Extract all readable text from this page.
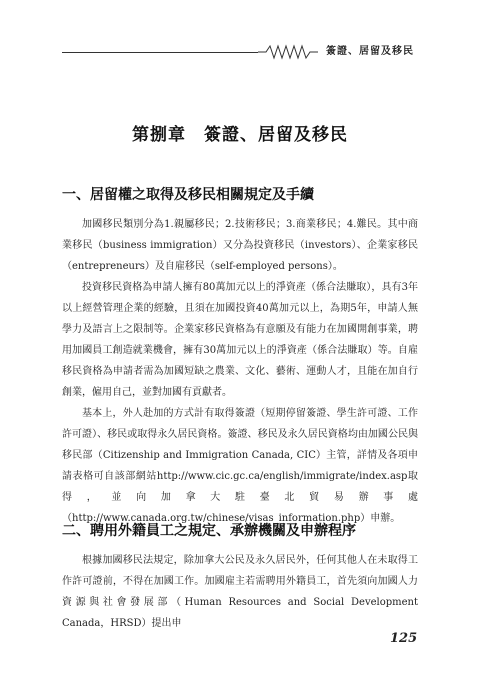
簽證、居留及移民
第捌章　簽證、居留及移民
一、居留權之取得及移民相關規定及手續

加國移民類別分為1.親屬移民；2.技術移民；3.商業移民；4.難民。其中商業移民（business immigration）又分為投資移民（investors）、企業家移民（entrepreneurs）及自雇移民（self-employed persons）。

投資移民資格為申請人擁有80萬加元以上的淨資產（係合法賺取），具有3年以上經營管理企業的經驗，且須在加國投資40萬加元以上，為期5年，申請人無學力及語言上之限制等。企業家移民資格為有意願及有能力在加國開創事業，聘用加國員工創造就業機會，擁有30萬加元以上的淨資產（係合法賺取）等。自雇移民資格為申請者需為加國短缺之農業、文化、藝術、運動人才，且能在加自行創業，僱用自己，並對加國有貢獻者。

基本上，外人赴加的方式計有取得簽證（短期停留簽證、學生許可證、工作許可證）、移民或取得永久居民資格。簽證、移民及永久居民資格均由加國公民與移民部（Citizenship and Immigration Canada, CIC）主管，詳情及各項申請表格可自該部網站http://www.cic.gc.ca/english/immigrate/index.asp取得，並向加拿大駐臺北貿易辦事處（http://www.canada.org.tw/chinese/visas_information.php）申辦。

二、聘用外籍員工之規定、承辦機關及申辦程序

根據加國移民法規定，除加拿大公民及永久居民外，任何其他人在未取得工作許可證前，不得在加國工作。加國雇主若需聘用外籍員工，首先須向加國人力資源與社會發展部（Human Resources and Social Development Canada，HRSD）提出申

125
